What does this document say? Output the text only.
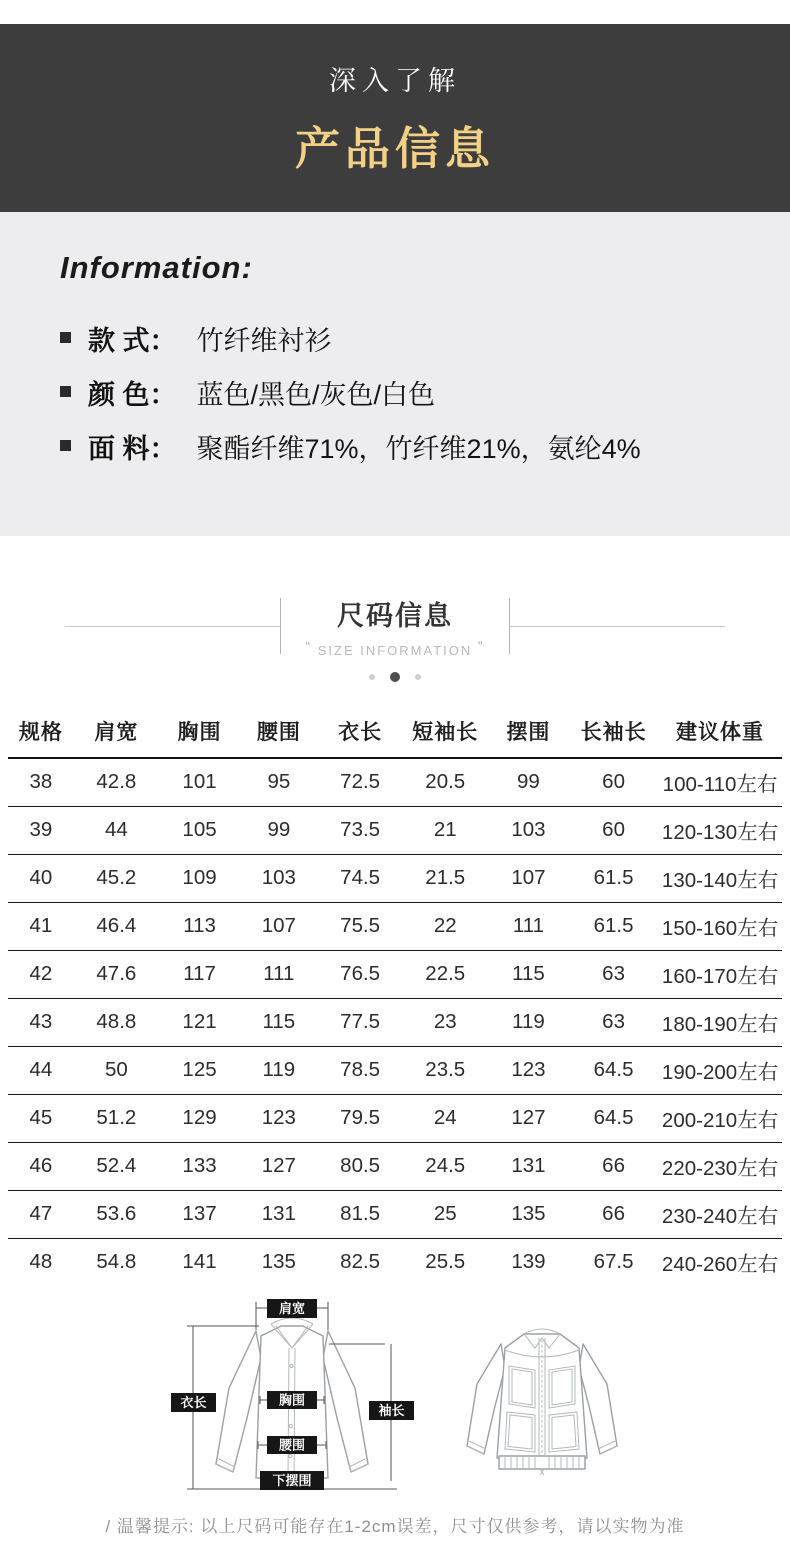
深入了解
产品信息
Information:
款 式： 竹纤维衬衫
颜 色： 蓝色/黑色/灰色/白色
面 料： 聚酯纤维71%，竹纤维21%，氨纶4%
尺码信息
“ SIZE INFORMATION ”
规格	肩宽	胸围	腰围	衣长	短袖长	摆围	长袖长	建议体重
38	42.8	101	95	72.5	20.5	99	60	100-110左右
39	44	105	99	73.5	21	103	60	120-130左右
40	45.2	109	103	74.5	21.5	107	61.5	130-140左右
41	46.4	113	107	75.5	22	111	61.5	150-160左右
42	47.6	117	111	76.5	22.5	115	63	160-170左右
43	48.8	121	115	77.5	23	119	63	180-190左右
44	50	125	119	78.5	23.5	123	64.5	190-200左右
45	51.2	129	123	79.5	24	127	64.5	200-210左右
46	52.4	133	127	80.5	24.5	131	66	220-230左右
47	53.6	137	131	81.5	25	135	66	230-240左右
48	54.8	141	135	82.5	25.5	139	67.5	240-260左右
肩宽
衣长	胸围
腰围
下摆围
袖长
/ 温馨提示: 以上尺码可能存在1-2cm误差，尺寸仅供参考，请以实物为准
